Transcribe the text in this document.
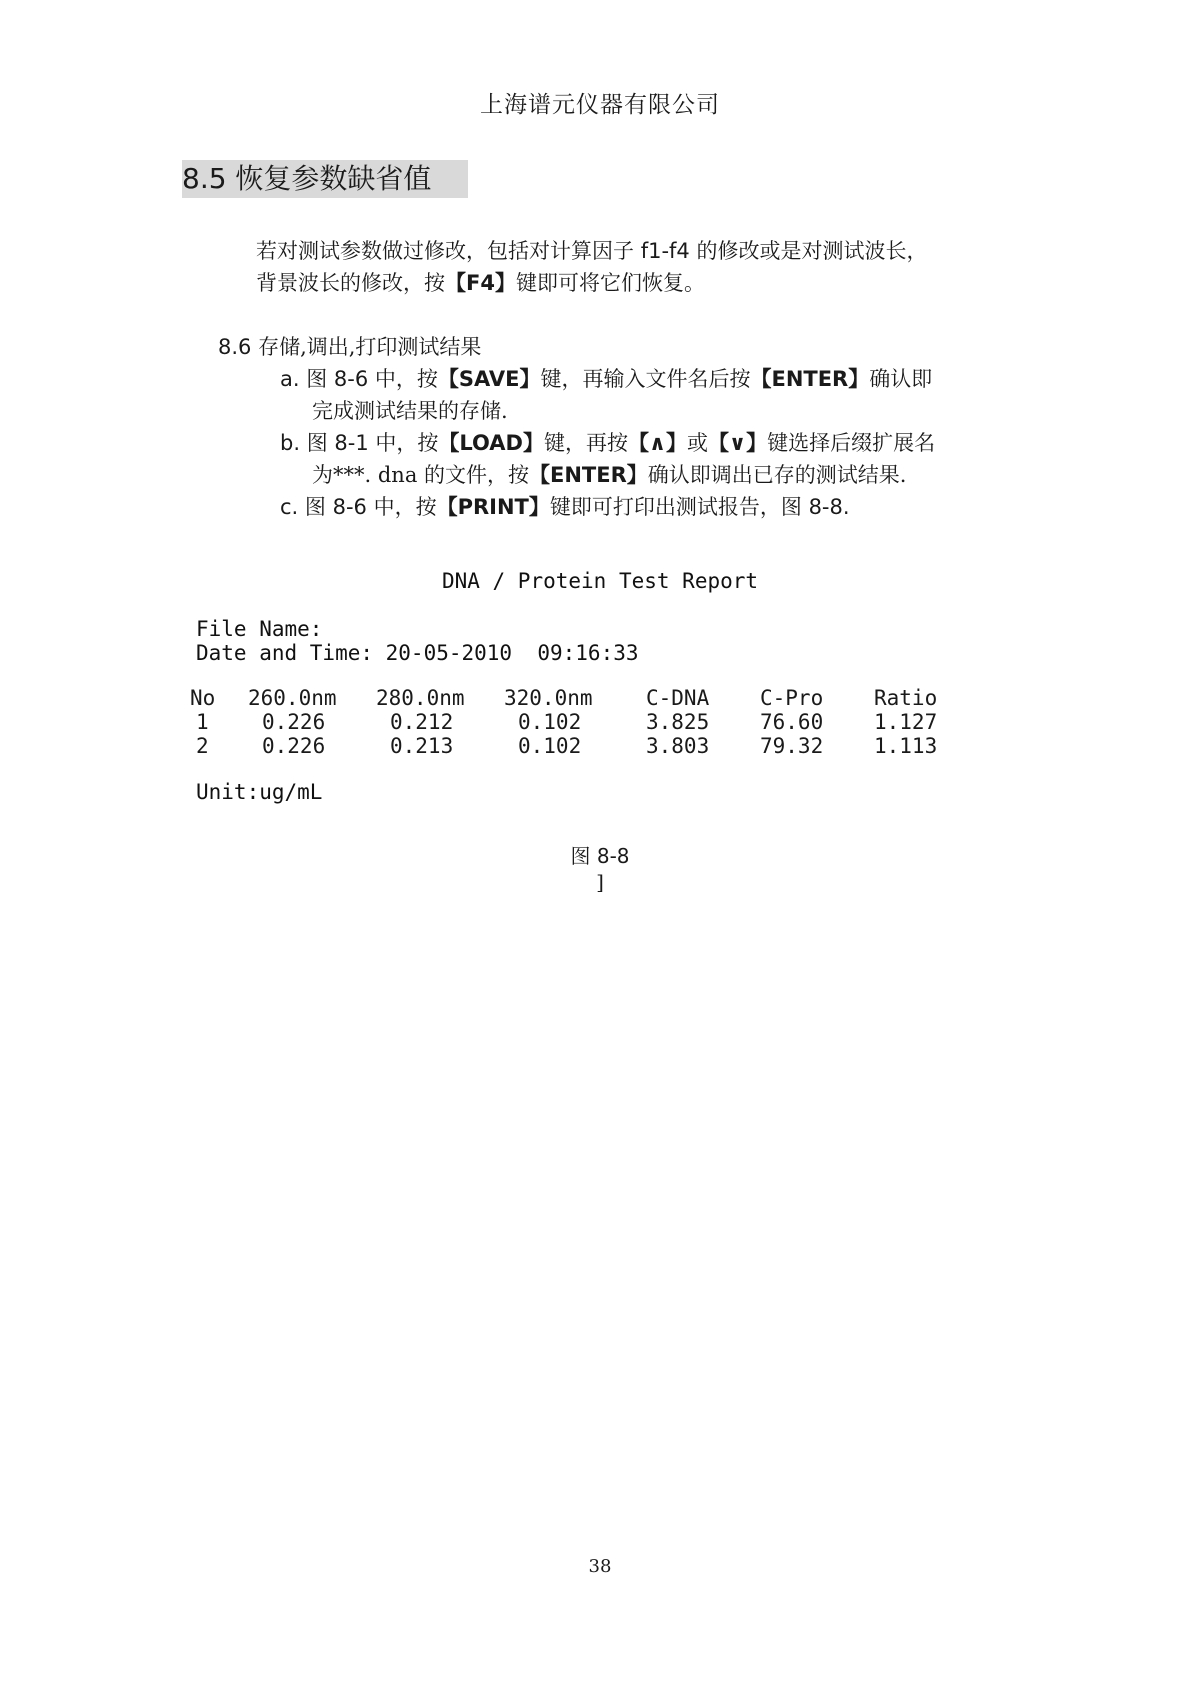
上海谱元仪器有限公司
8.5 恢复参数缺省值
若对测试参数做过修改，包括对计算因子 f1-f4 的修改或是对测试波长，
背景波长的修改，按【F4】键即可将它们恢复。
8.6 存储,调出,打印测试结果
a. 图 8-6 中，按【SAVE】键，再输入文件名后按【ENTER】确认即
完成测试结果的存储.
b. 图 8-1 中，按【LOAD】键，再按【∧】或【∨】键选择后缀扩展名
为***. dna 的文件，按【ENTER】确认即调出已存的测试结果.
c. 图 8-6 中，按【PRINT】键即可打印出测试报告，图 8-8.
DNA / Protein Test Report
File Name:
Date and Time: 20-05-2010  09:16:33
No	260.0nm	280.0nm	320.0nm	C-DNA	C-Pro	Ratio
1	0.226	0.212	0.102	3.825	76.60	1.127
2	0.226	0.213	0.102	3.803	79.32	1.113
Unit:ug/mL
图 8-8
]
38
